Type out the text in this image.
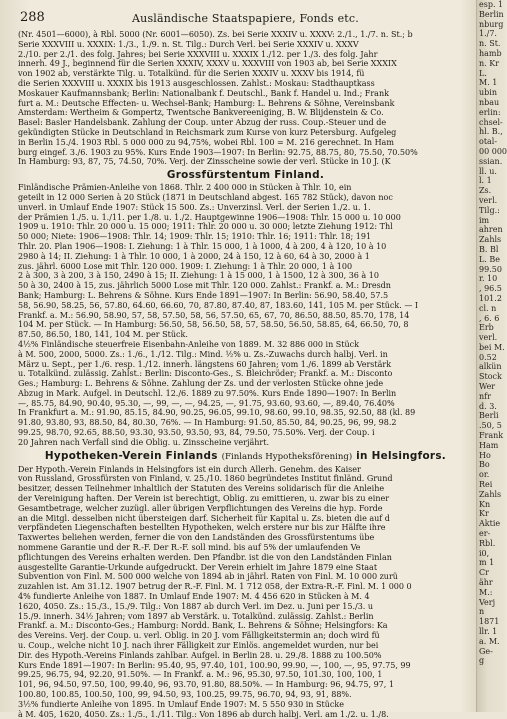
288	Ausländische Staatspapiere, Fonds etc.
(Nr. 4501—6000), à Rbl. 5000 (Nr. 6001—6050). Zs. bei Serie XXXIV u. XXXV: 2./1., 1./7. n. St.; b
Serie XXXVIII u. XXXIX: 1./3., 1./9. n. St. Tilg.: Durch Verl. bei Serie XXXIV u. XXXV
2./10. per 2./1. des folg. Jahres; bei Serie XXXVIII u. XXXIX 1./12. per 1./3. des folg. Jahr
innerh. 49 J., beginnend für die Serien XXXIV, XXXV u. XXXVIII von 1903 ab, bei Serie XXXIX
von 1902 ab, verstärkte Tilg. u. Totalkünd. für die Serien XXXIV u. XXXV bis 1914, fü
die Serien XXXVIII u. XXXIX bis 1913 ausgeschlossen. Zahlst.: Moskau: Stadthauptkass
Moskauer Kaufmannsbank; Berlin: Nationalbank f. Deutschl., Bank f. Handel u. Ind.; Frank
furt a. M.: Deutsche Effecten- u. Wechsel-Bank; Hamburg: L. Behrens & Söhne, Vereinsbank
Amsterdam: Wertheim & Gompertz, Twentsche Bankvereeniging, B. W. Blijdenstein & Co.
Basel: Basler Handelsbank. Zahlung der Coup. unter Abzug der russ. Coup.-Steuer und de
gekündigten Stücke in Deutschland in Reichsmark zum Kurse von kurz Petersburg. Aufgeleg
in Berlin 15./4. 1903 Rbl. 5 000 000 zu 94,75%, wobei Rbl. 100 = M. 216 gerechnet. In Ham
burg eingef. 3./6. 1903 zu 95%. Kurs Ende 1903—1907: In Berlin: 92.75, 88.75, 80, 75.50, 70.50%
In Hamburg: 93, 87, 75, 74.50, 70%. Verj. der Zinsscheine sowie der verl. Stücke in 10 J. (K
Grossfürstentum Finland.
Finländische Prämien-Anleihe von 1868. Thlr. 2 400 000 in Stücken à Thlr. 10, ein
geteilt in 12 000 Serien à 20 Stück (1871 in Deutschland abgest. 165 782 Stück), davon noc
unverl. in Umlauf Ende 1907: Stück 15 500. Zs.: Unverzinsl. Verl. der Serien 1./2. u. 1.
der Prämien 1./5. u. 1./11. per 1./8. u. 1./2. Hauptgewinne 1906—1908: Thlr. 15 000 u. 10 000
1909 u. 1910: Thlr. 20 000 u. 15 000; 1911: Thlr. 20 000 u. 30 000; letzte Ziehung 1912: Thl
50 000; Niete: 1906—1908: Thlr. 14; 1909: Thlr. 15; 1910: Thlr. 16; 1911: Thlr. 18; 191
Thlr. 20. Plan 1906—1908: I. Ziehung: 1 à Thlr. 15 000, 1 à 1000, 4 à 200, 4 à 120, 10 à 10
2980 à 14; II. Ziehung: 1 à Thlr. 10 000, 1 à 2000, 24 à 150, 12 à 60, 64 à 30, 2000 à 1
zus. jährl. 6000 Lose mit Thlr. 120 000. 1909: I. Ziehung: 1 à Thlr. 20 000, 1 à 100
2 à 300, 3 à 200, 3 à 150, 2490 à 15; II. Ziehung: 1 à 15 000, 1 à 1500, 12 à 300, 36 à 10
50 à 30, 2400 à 15, zus. jährlich 5000 Lose mit Thlr. 120 000. Zahlst.: Frankf. a. M.: Dresdn
Bank; Hamburg: L. Behrens & Söhne. Kurs Ende 1891—1907: In Berlin: 56.90, 58.40, 57.5
58, 56.90, 58.25, 56, 57.80, 64.60, 66.60, 70, 87.80, 87.40, 87, 183.60, 141, 105 M. per Stück. — I
Frankf. a. M.: 56.90, 58.90, 57, 58, 57.50, 58, 56, 57.50, 65, 67, 70, 86.50, 88.50, 85.70, 178, 14
104 M. per Stück. — In Hamburg: 56.50, 58, 56.50, 58, 57, 58.50, 56.50, 58.85, 64, 66.50, 70, 8
87.50, 86.50, 180, 141, 104 M. per Stück.
4½% Finländische steuerfreie Eisenbahn-Anleihe von 1889. M. 32 886 000 in Stück
à M. 500, 2000, 5000. Zs.: 1./6., 1./12. Tilg.: Mind. ½% u. Zs.-Zuwachs durch halbj. Verl. in
März u. Sept., per 1./6. resp. 1./12. innerh. längstens 60 Jahren; vom 1./6. 1899 ab Verstärk
u. Totalkünd. zulässig. Zahlst.: Berlin: Disconto-Ges., S. Bleichröder; Frankf. a. M.: Disconto
Ges.; Hamburg: L. Behrens & Söhne. Zahlung der Zs. und der verlosten Stücke ohne jede
Abzug in Mark. Aufgel. in Deutschl. 12./6. 1889 zu 97.50%. Kurs Ende 1890—1907: In Berlin
—, 85.75, 84.90, 90.40, 95.30, —, 99, —, —, 94.25, —, 91.75, 93.60, 93.60, —, 89.40, 76.40%
In Frankfurt a. M.: 91.90, 85.15, 84.90, 90.25, 96.05, 99.10, 98.60, 99.10, 98.35, 92.50, 88 (kl. 89
91.80, 93.80, 93, 88.50, 84, 80.30, 76%. — In Hamburg: 91.50, 85.50, 84, 90.25, 96, 99, 98.2
99.25, 98.70, 92.65, 88.50, 93.30, 93.50, 93.50, 93, 84, 79.50, 75.50%. Verj. der Coup. i
20 Jahren nach Verfall sind die Oblig. u. Zinsscheine verjährt.
Hypotheken-Verein Finlands (Finlands Hypotheksförening) in Helsingfors.
Der Hypoth.-Verein Finlands in Helsingfors ist ein durch Allerh. Genehm. des Kaiser
von Russland, Grossfürsten von Finland, v. 25./10. 1860 begründetes Institut finländ. Grund
besitzer, dessen Teilnehmer inhaltlich der Statuten des Vereins solidarisch für die Anleihe
der Vereinigung haften. Der Verein ist berechtigt, Oblig. zu emittieren, u. zwar bis zu einer
Gesamtbetrage, welcher zuzügl. aller übrigen Verpflichtungen des Vereins die hyp. Forde
an die Mitgl. desselben nicht übersteigen darf. Sicherheit für Kapital u. Zs. bieten die auf d
verpfändeten Liegenschaften bestellten Hypotheken, welch erstere nur bis zur Hälfte ihre
Taxwertes beliehen werden, ferner die von den Landständen des Grossfürstentums übe
nommene Garantie und der R.-F. Der R.-F. soll mind. bis auf 5% der umlaufenden Ve
pflichtungen des Vereins erhalten werden. Den Pfandbr. ist die von den Landständen Finlan
ausgestellte Garantie-Urkunde aufgedruckt. Der Verein erhielt im Jahre 1879 eine Staat
Subvention von Finl. M. 500 000 welche von 1894 ab in jährl. Raten von Finl. M. 10 000 zurü
zuzahlen ist. Am 31.12. 1907 betrug der R.-F. Finl. M. 1 712 058, der Extra-R.-F. Finl. M. 1 000 0
4% fundierte Anleihe von 1887. In Umlauf Ende 1907: M. 4 456 620 in Stücken à M. 4
1620, 4050. Zs.: 15./3., 15./9. Tilg.: Von 1887 ab durch Verl. im Dez. u. Juni per 15./3. u
15./9. innerh. 34½ Jahren; vom 1897 ab Verstärk. u. Totalkünd. zulässig. Zahlst.: Berlin
Frankf. a. M.: Disconto-Ges.; Hamburg: Nordd. Bank, L. Behrens & Söhne; Helsingfors: Ka
des Vereins. Verj. der Coup. u. verl. Oblig. in 20 J. vom Fälligkeitstermin an; doch wird fü
u. Coup., welche nicht 10 J. nach ihrer Fälligkeit zur Einlös. angemeldet wurden, nur bei
Dir. des Hypoth.-Vereins Finlands zahlbar. Aufgel. in Berlin 28. u. 29./8. 1888 zu 100.50%
Kurs Ende 1891—1907: In Berlin: 95.40, 95, 97.40, 101, 100.90, 99.90, —, 100, —, 95, 97.75, 99
99.25, 96.75, 94, 92.20, 91.50%. — In Frankf. a. M.: 96, 95.30, 97.50, 101.30, 100, 100, 1
101, 96, 94.50, 97.50, 100, 99.40, 96, 93.70, 91.80, 88.50%. — In Hamburg: 96, 94.75, 97, 1
100.80, 100.85, 100.50, 100, 99, 94.50, 93, 100.25, 99.75, 96.70, 94, 93, 91, 88%.
3½% fundierte Anleihe von 1895. In Umlauf Ende 1907: M. 5 550 930 in Stücke
à M. 405, 1620, 4050. Zs.: 1./5., 1./11. Tilg.: Von 1896 ab durch halbj. Verl. am 1./2. u. 1./8.
esp. 1
Berlin
nburg
1./7.
n. St.
hamb
n. Kr
L.
M. 1
ubin
nbau
erlin:
chsel-
hl. B.,
otal-
00 000
ssian.
ll. u.
l. 1
Zs.
verl.
Tilg.:
im
ahren
Zahls
B. Bl
L. Be
99.50
r. 10
, 96.5
101.2
cl. n
, 6. 6
Erb
verl.
bei M.
0.52
alkün
Stock
Wer
nfr
d. 3.
Berli
.50, 5
Frank
Ham
Ho
Bo
or.
Rei
Zahls
Kn
Kr
Aktie
er-
Rbl.
i0,
m 1
Cr
ähr
M.:
Verj
n
1871
llr. 1
a. M.
Ge-
g
